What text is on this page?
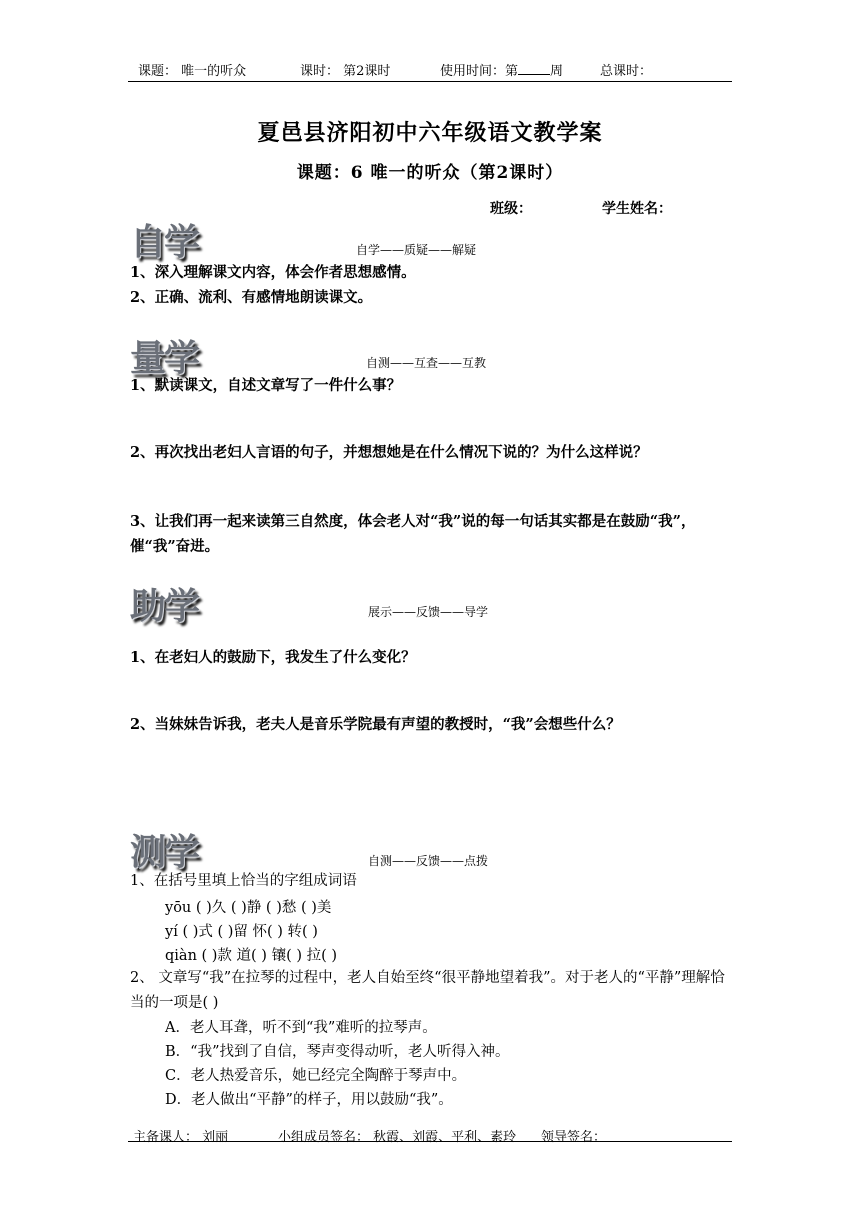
课题： 唯一的听众	课时： 第2课时	使用时间：第 周	总课时：
夏邑县济阳初中六年级语文教学案
课题：6 唯一的听众（第2课时）
班级：	学生姓名：
自学	自学——质疑——解疑
1、深入理解课文内容，体会作者思想感情。
2、正确、流利、有感情地朗读课文。
量学	自测——互查——互教
1、默读课文，自述文章写了一件什么事？
2、再次找出老妇人言语的句子，并想想她是在什么情况下说的？为什么这样说？
3、让我们再一起来读第三自然度，体会老人对“我”说的每一句话其实都是在鼓励“我”，催“我”奋进。
助学	展示——反馈——导学
1、在老妇人的鼓励下，我发生了什么变化？
2、当妹妹告诉我，老夫人是音乐学院最有声望的教授时，“我”会想些什么？
测学	自测——反馈——点拨
1、在括号里填上恰当的字组成词语
yōu ( )久 ( )静 ( )愁 ( )美
yí ( )式 ( )留 怀( ) 转( )
qiàn ( )款 道( ) 镶( ) 拉( )
2、 文章写“我”在拉琴的过程中，老人自始至终“很平静地望着我”。对于老人的“平静”理解恰当的一项是( )
A．老人耳聋，听不到“我”难听的拉琴声。
B．“我”找到了自信，琴声变得动听，老人听得入神。
C．老人热爱音乐，她已经完全陶醉于琴声中。
D．老人做出“平静”的样子，用以鼓励“我”。
主备课人： 刘丽	小组成员签名： 秋霞、刘霞、平利、素玲 领导签名：
